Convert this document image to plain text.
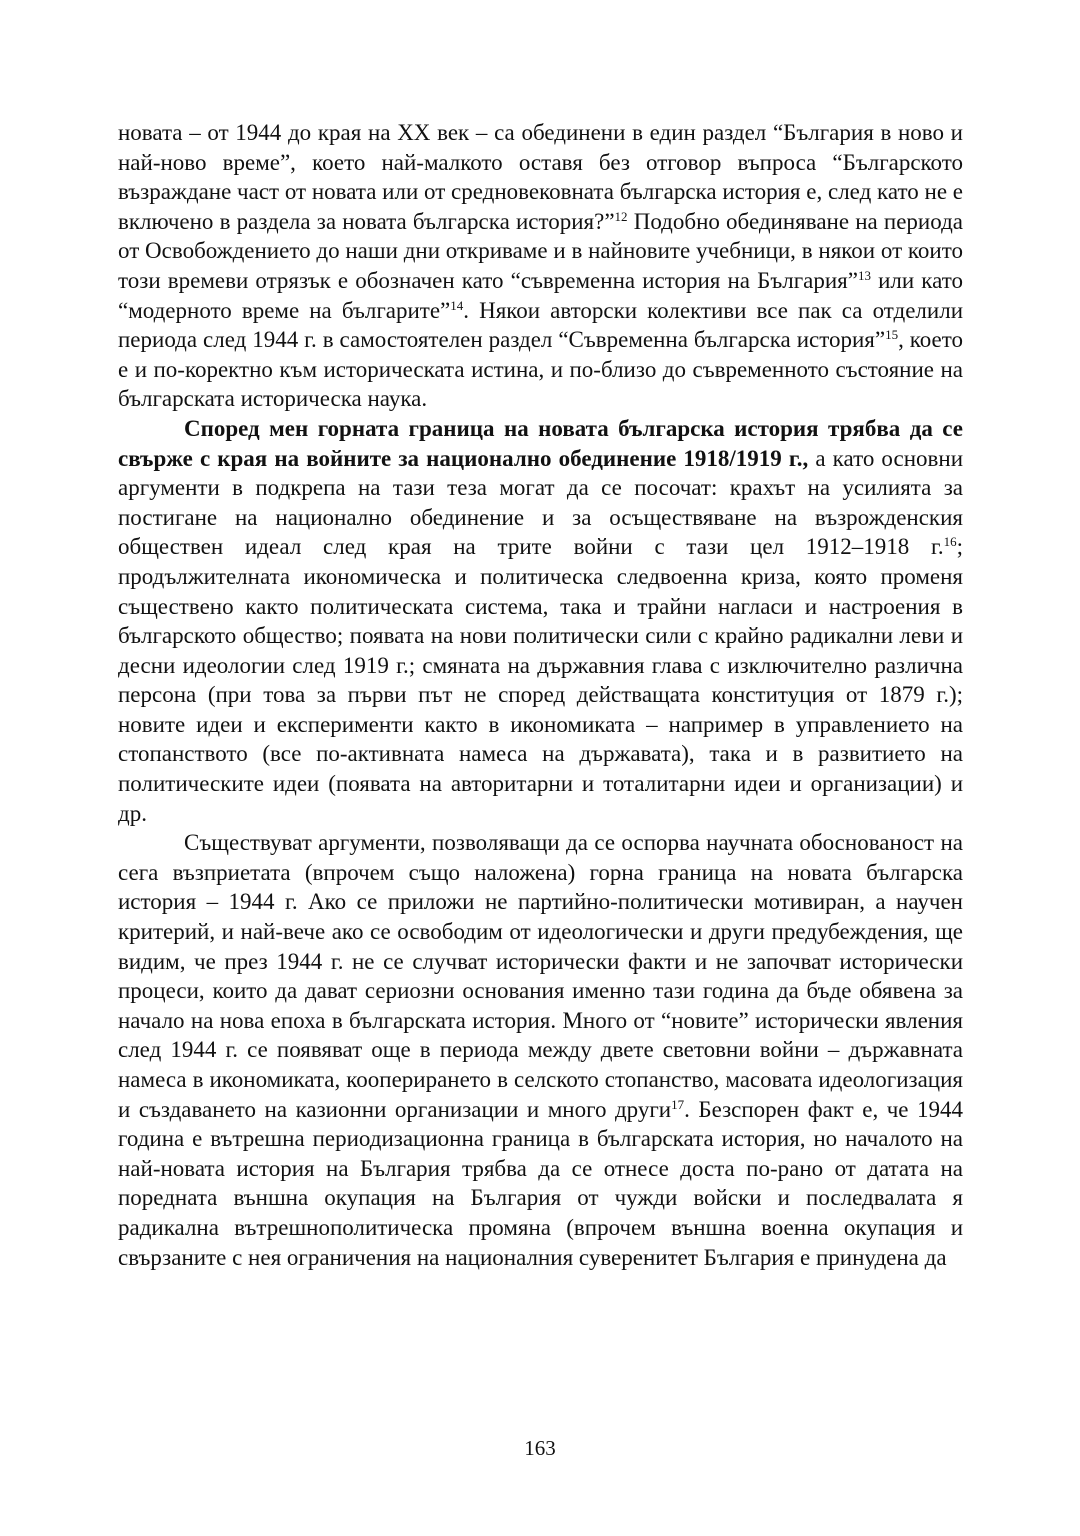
новата – от 1944 до края на ХХ век – са обединени в един раздел “България в ново и най-ново време”, което най-малкото оставя без отговор въпроса “Българското възраждане част от новата или от средновековната българска история е, след като не е включено в раздела за новата българска история?”$^{12}$ Подобно обединяване на периода от Освобождението до наши дни откриваме и в найновите учебници, в някои от които този времеви отрязък е обозначен като “съвременна история на България”$^{13}$ или като “модерното време на българите”$^{14}$. Някои авторски колективи все пак са отделили периода след 1944 г. в самостоятелен раздел “Съвременна българска история”$^{15}$, което е и по-коректно към историческата истина, и по-близо до съвременното състояние на българската историческа наука.

Според мен горната граница на новата българска история трябва да се свърже с края на войните за национално обединение 1918/1919 г., а като основни аргументи в подкрепа на тази теза могат да се посочат: крахът на усилията за постигане на национално обединение и за осъществяване на възрожденския обществен идеал след края на трите войни с тази цел 1912–1918 г.$^{16}$; продължителната икономическа и политическа следвоенна криза, която променя съществено както политическата система, така и трайни нагласи и настроения в българското общество; появата на нови политически сили с крайно радикални леви и десни идеологии след 1919 г.; смяната на държавния глава с изключително различна персона (при това за първи път не според действащата конституция от 1879 г.); новите идеи и експерименти както в икономиката – например в управлението на стопанството (все по-активната намеса на държавата), така и в развитието на политическите идеи (появата на авторитарни и тоталитарни идеи и организации) и др.

Съществуват аргументи, позволяващи да се оспорва научната обоснованост на сега възприетата (впрочем също наложена) горна граница на новата българска история – 1944 г. Ако се приложи не партийно-политически мотивиран, а научен критерий, и най-вече ако се освободим от идеологически и други предубеждения, ще видим, че през 1944 г. не се случват исторически факти и не започват исторически процеси, които да дават сериозни основания именно тази година да бъде обявена за начало на нова епоха в българската история. Много от “новите” исторически явления след 1944 г. се появяват още в периода между двете световни войни – държавната намеса в икономиката, кооперирането в селското стопанство, масовата идеологизация и създаването на казионни организации и много други$^{17}$. Безспорен факт е, че 1944 година е вътрешна периодизационна граница в българската история, но началото на най-новата история на България трябва да се отнесе доста по-рано от датата на поредната външна окупация на България от чужди войски и последвалата я радикална вътрешнополитическа промяна (впрочем външна военна окупация и свързаните с нея ограничения на националния суверенитет България е принудена да

163
